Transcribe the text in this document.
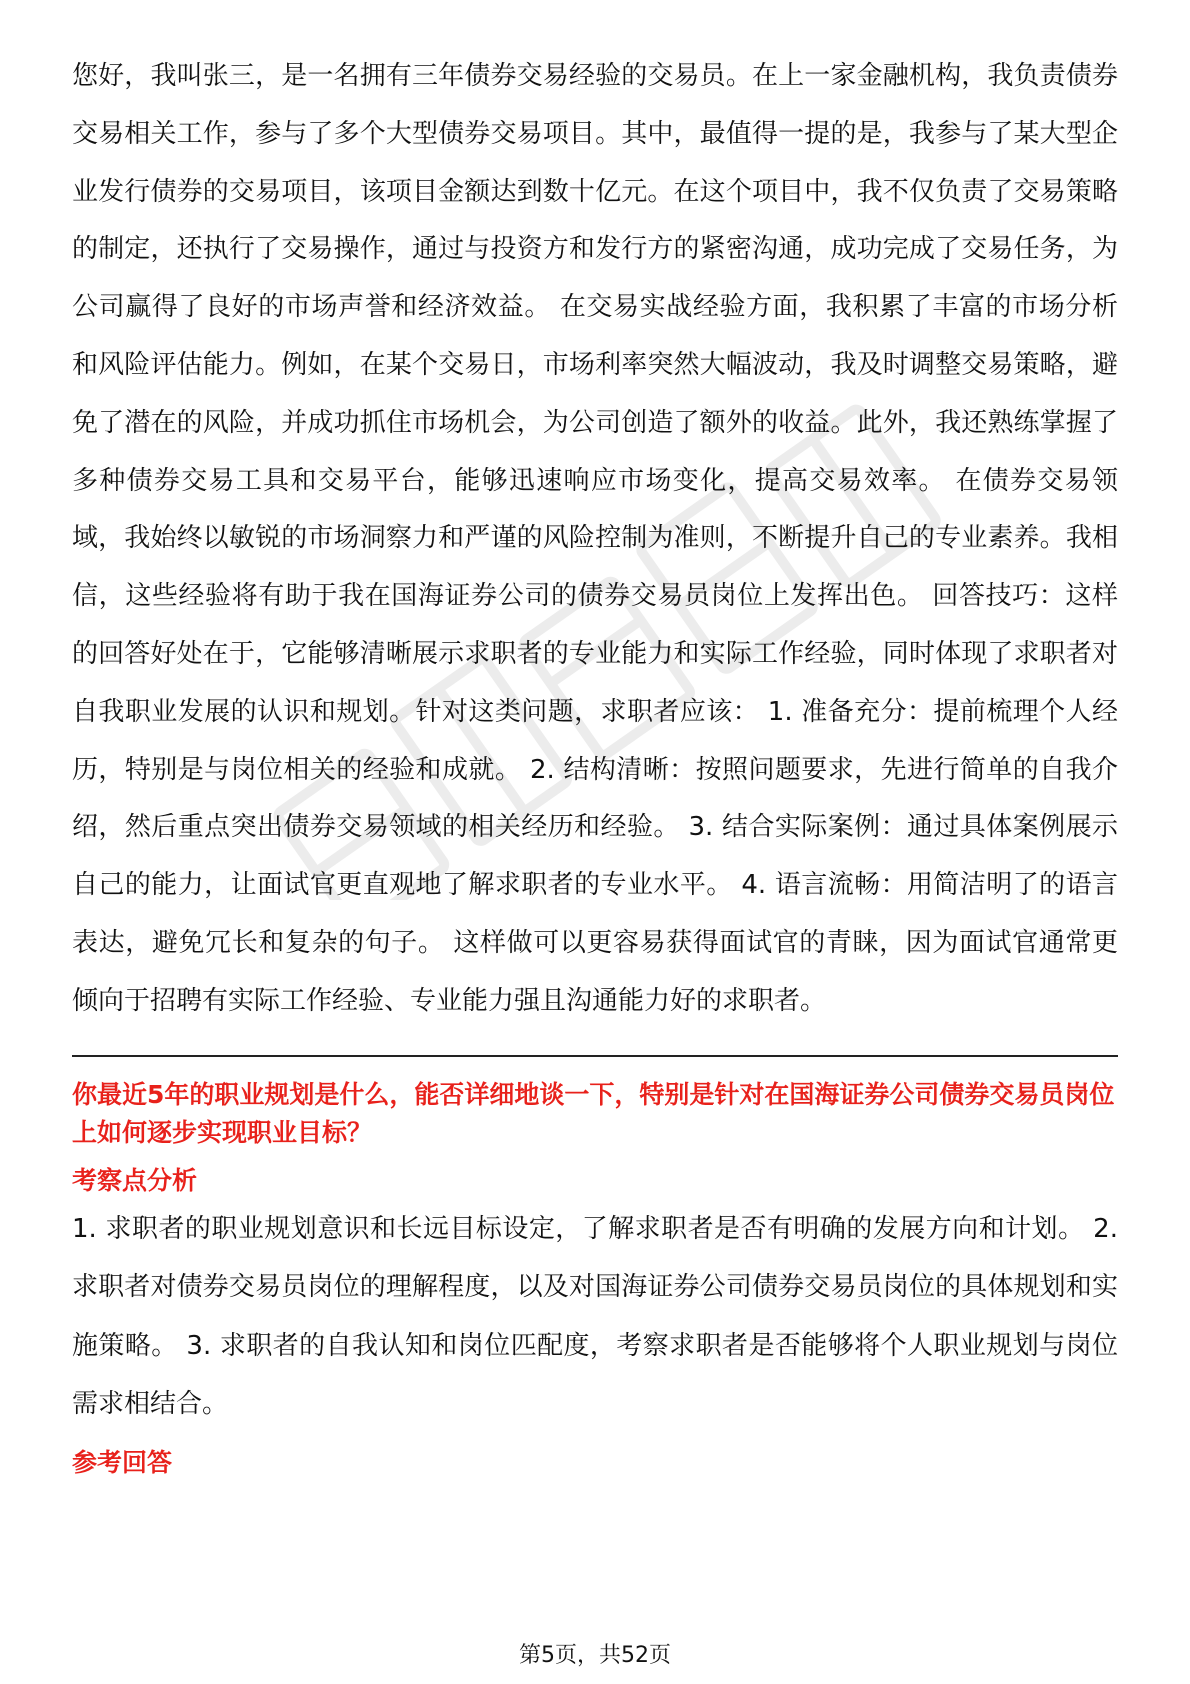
您好，我叫张三，是一名拥有三年债券交易经验的交易员。在上一家金融机构，我负责债券交易相关工作，参与了多个大型债券交易项目。其中，最值得一提的是，我参与了某大型企业发行债券的交易项目，该项目金额达到数十亿元。在这个项目中，我不仅负责了交易策略的制定，还执行了交易操作，通过与投资方和发行方的紧密沟通，成功完成了交易任务，为公司赢得了良好的市场声誉和经济效益。 在交易实战经验方面，我积累了丰富的市场分析和风险评估能力。例如，在某个交易日，市场利率突然大幅波动，我及时调整交易策略，避免了潜在的风险，并成功抓住市场机会，为公司创造了额外的收益。此外，我还熟练掌握了多种债券交易工具和交易平台，能够迅速响应市场变化，提高交易效率。 在债券交易领域，我始终以敏锐的市场洞察力和严谨的风险控制为准则，不断提升自己的专业素养。我相信，这些经验将有助于我在国海证券公司的债券交易员岗位上发挥出色。 回答技巧：这样的回答好处在于，它能够清晰展示求职者的专业能力和实际工作经验，同时体现了求职者对自我职业发展的认识和规划。针对这类问题，求职者应该： 1. 准备充分：提前梳理个人经历，特别是与岗位相关的经验和成就。 2. 结构清晰：按照问题要求，先进行简单的自我介绍，然后重点突出债券交易领域的相关经历和经验。 3. 结合实际案例：通过具体案例展示自己的能力，让面试官更直观地了解求职者的专业水平。 4. 语言流畅：用简洁明了的语言表达，避免冗长和复杂的句子。 这样做可以更容易获得面试官的青睐，因为面试官通常更倾向于招聘有实际工作经验、专业能力强且沟通能力好的求职者。

你最近5年的职业规划是什么，能否详细地谈一下，特别是针对在国海证券公司债券交易员岗位上如何逐步实现职业目标？
考察点分析

1. 求职者的职业规划意识和长远目标设定，了解求职者是否有明确的发展方向和计划。 2. 求职者对债券交易员岗位的理解程度，以及对国海证券公司债券交易员岗位的具体规划和实施策略。 3. 求职者的自我认知和岗位匹配度，考察求职者是否能够将个人职业规划与岗位需求相结合。

参考回答
第5页，共52页
